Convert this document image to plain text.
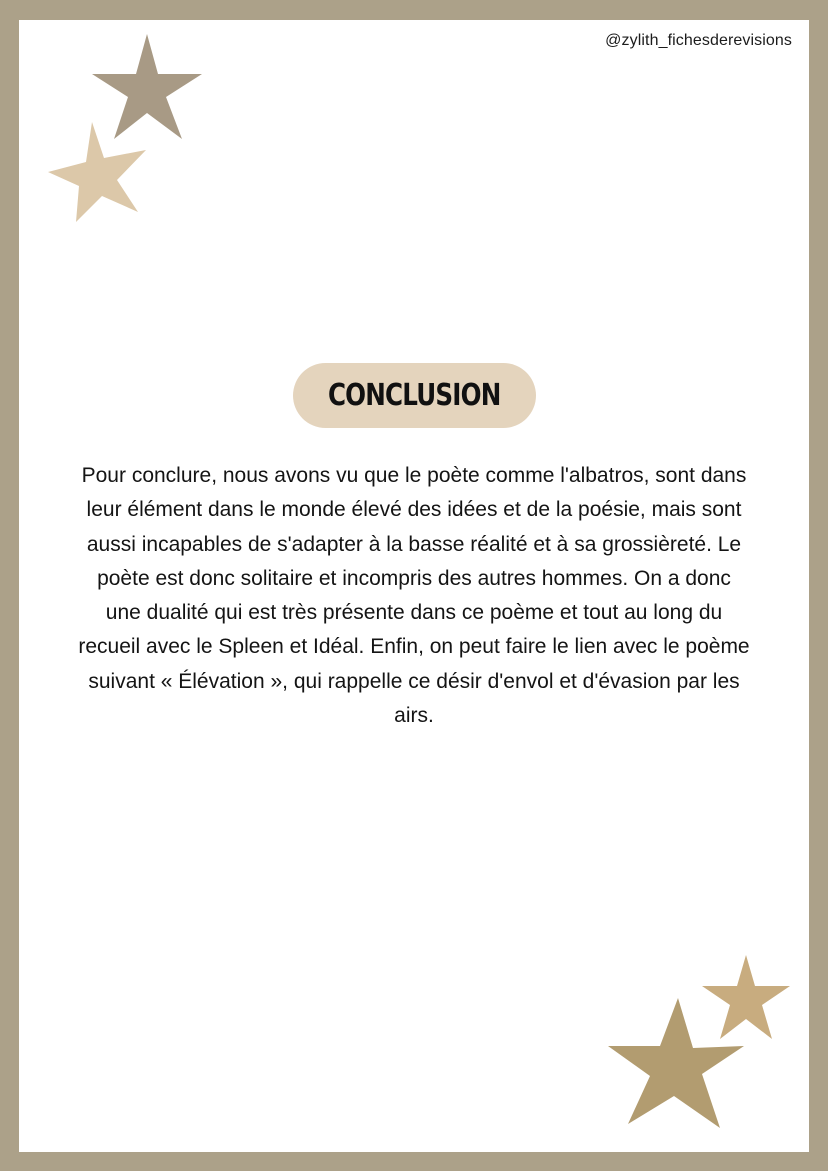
@zylith_fichesderevisions
CONCLUSION

Pour conclure, nous avons vu que le poète comme l'albatros, sont dans leur élément dans le monde élevé des idées et de la poésie, mais sont aussi incapables de s'adapter à la basse réalité et à sa grossièreté. Le poète est donc solitaire et incompris des autres hommes. On a donc une dualité qui est très présente dans ce poème et tout au long du recueil avec le Spleen et Idéal. Enfin, on peut faire le lien avec le poème suivant « Élévation », qui rappelle ce désir d'envol et d'évasion par les airs.
